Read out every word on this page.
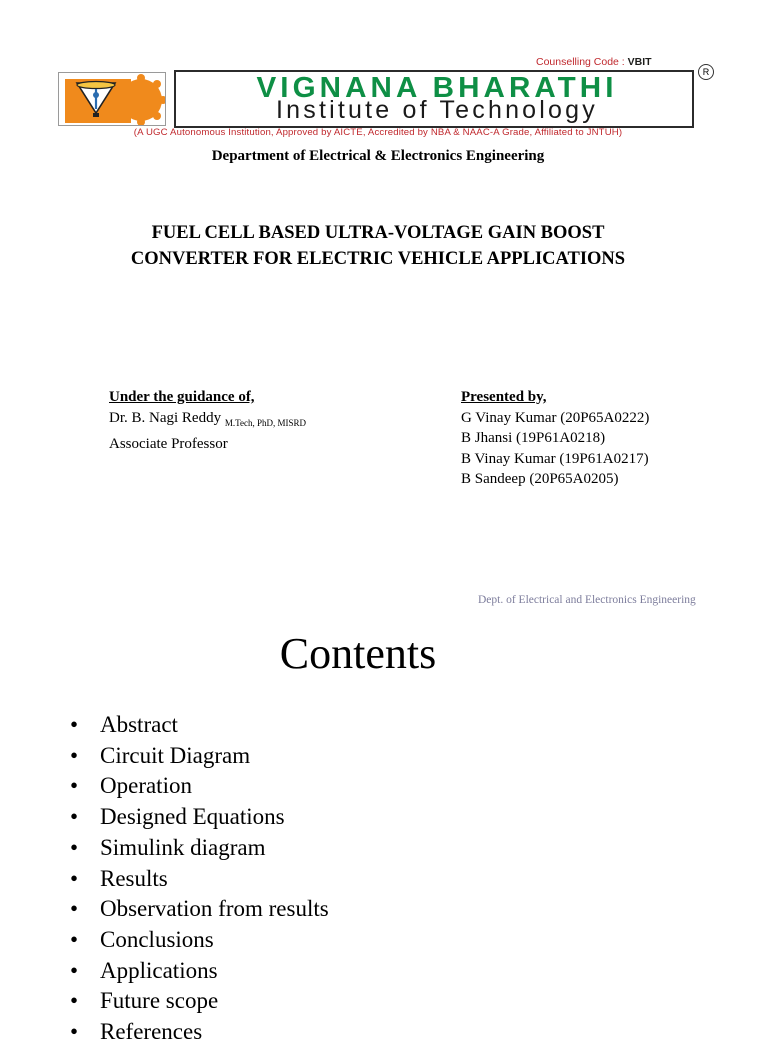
Counselling Code : VBIT
VIGNANA BHARATHI
Institute of Technology
R
(A UGC Autonomous Institution, Approved by AICTE, Accredited by NBA & NAAC-A Grade, Affiliated to JNTUH)
Department of Electrical & Electronics Engineering
FUEL CELL BASED ULTRA-VOLTAGE GAIN BOOST
CONVERTER FOR ELECTRIC VEHICLE APPLICATIONS
Under the guidance of,
Dr. B. Nagi Reddy $_{M.Tech, PhD, MISRD}$
Associate Professor
Presented by,
G Vinay Kumar (20P65A0222)
B Jhansi (19P61A0218)
B Vinay Kumar (19P61A0217)
B Sandeep (20P65A0205)
Dept. of Electrical and Electronics Engineering
Contents
• Abstract
• Circuit Diagram
• Operation
• Designed Equations
• Simulink diagram
• Results
• Observation from results
• Conclusions
• Applications
• Future scope
• References
